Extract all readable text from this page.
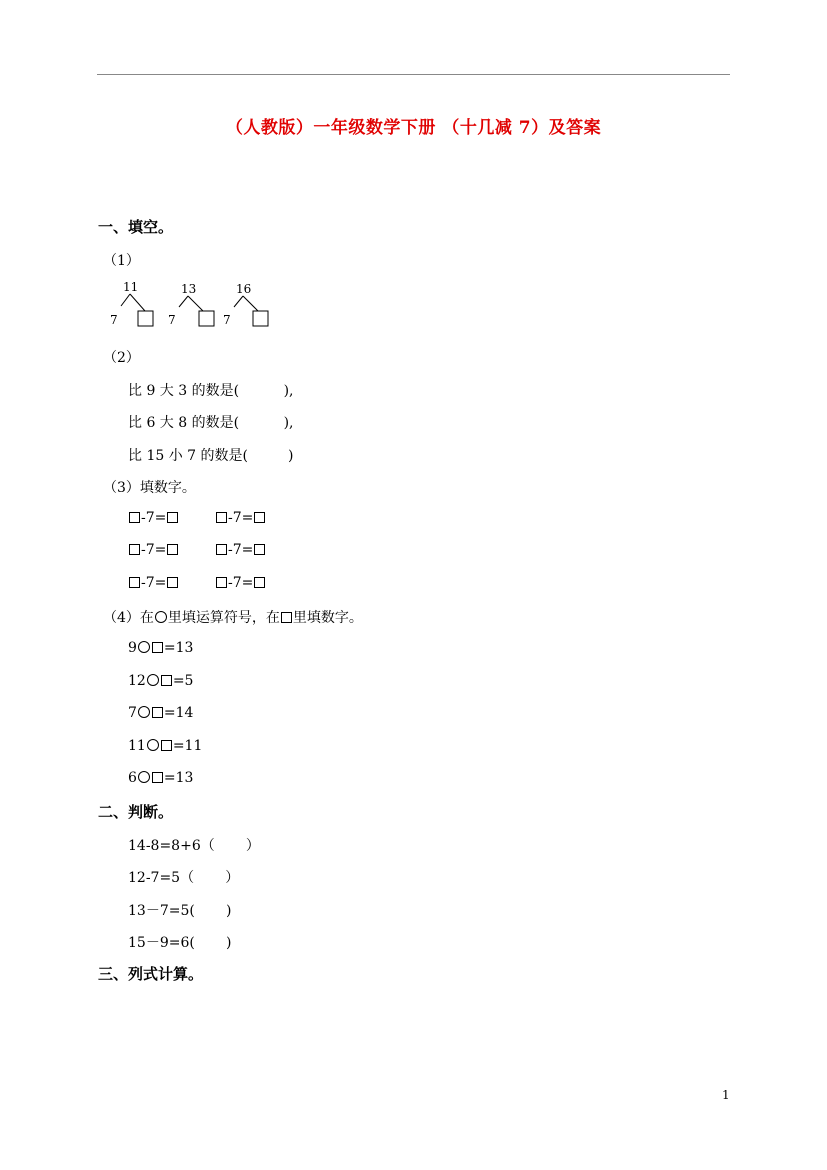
（人教版）一年级数学下册 （十几减 7）及答案
一、填空。
（1）
11
7
13
7
16
7
（2）
比 9 大 3 的数是(          ),
比 6 大 8 的数是(          ),
比 15 小 7 的数是(         )
（3）填数字。
-7=	-7=
-7=	-7=
-7=	-7=
（4）在 里填运算符号，在 里填数字。
9 =13
12 =5
7 =14
11 =11
6 =13
二、判断。
14-8=8+6（       ）
12-7=5（       ）
13－7=5(       )
15－9=6(       )
三、列式计算。
1
